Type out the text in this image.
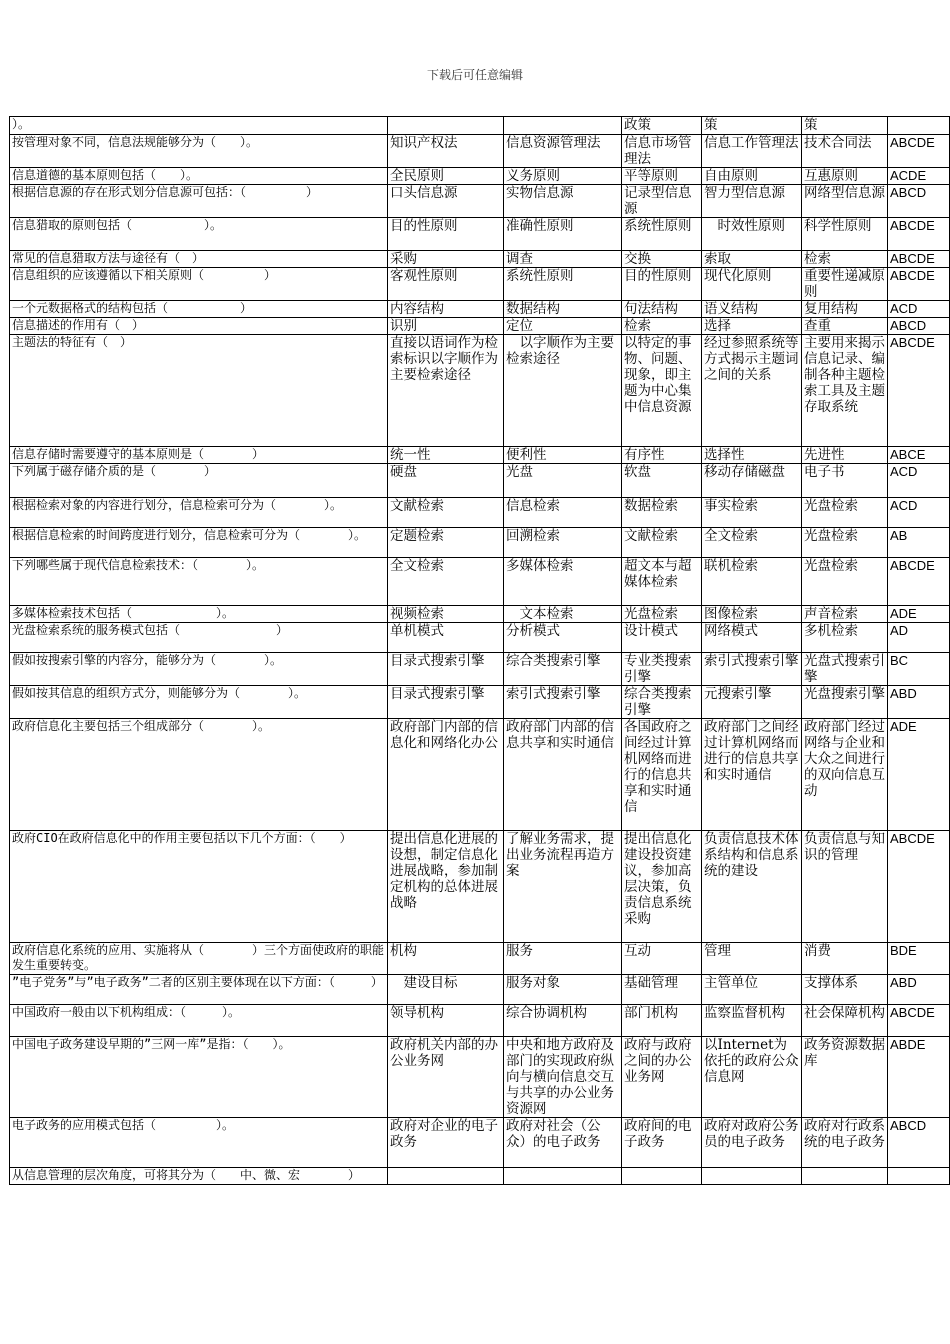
下载后可任意编辑
）。			政策	策	策	
按管理对象不同，信息法规能够分为（　　）。	知识产权法	信息资源管理法	信息市场管理法	信息工作管理法	技术合同法	ABCDE
信息道德的基本原则包括（　　）。	全民原则	义务原则	平等原则	自由原则	互惠原则	ACDE
根据信息源的存在形式划分信息源可包括：（　　　　　）	口头信息源	实物信息源	记录型信息源	智力型信息源	网络型信息源	ABCD
信息猎取的原则包括（　　　　　　）。	目的性原则	准确性原则	系统性原则	　时效性原则	科学性原则	ABCDE
常见的信息猎取方法与途径有（　）	采购	调查	交换	索取	检索	ABCDE
信息组织的应该遵循以下相关原则（　　　　　）	客观性原则	系统性原则	目的性原则	现代化原则	重要性递减原则	ABCDE
一个元数据格式的结构包括（　　　　　　）	内容结构	数据结构	句法结构	语义结构	复用结构	ACD
信息描述的作用有（　）	识别	定位	检索	选择	查重	ABCD
主题法的特征有（　）	直接以语词作为检索标识以字顺作为主要检索途径	　以字顺作为主要检索途径	以特定的事物、问题、现象，即主题为中心集中信息资源	经过参照系统等方式揭示主题词之间的关系	主要用来揭示信息记录、编制各种主题检索工具及主题存取系统	ABCDE
信息存储时需要遵守的基本原则是（　　　　）	统一性	便利性	有序性	选择性	先进性	ABCE
下列属于磁存储介质的是（　　　　）	硬盘	光盘	软盘	移动存储磁盘	电子书	ACD
根据检索对象的内容进行划分，信息检索可分为（　　　　）。	文献检索	信息检索	数据检索	事实检索	光盘检索	ACD
根据信息检索的时间跨度进行划分，信息检索可分为（　　　　）。	定题检索	回溯检索	文献检索	全文检索	光盘检索	AB
下列哪些属于现代信息检索技术：（　　　　）。	全文检索	多媒体检索	超文本与超媒体检索	联机检索	光盘检索	ABCDE
多媒体检索技术包括（　　　　　　　）。	视频检索	　文本检索	光盘检索	图像检索	声音检索	ADE
光盘检索系统的服务模式包括（　　　　　　　　）	单机模式	分析模式	设计模式	网络模式	多机检索	AD
假如按搜索引擎的内容分，能够分为（　　　　）。	目录式搜索引擎	综合类搜索引擎	专业类搜索引擎	索引式搜索引擎	光盘式搜索引擎	BC
假如按其信息的组织方式分，则能够分为（　　　　）。	目录式搜索引擎	索引式搜索引擎	综合类搜索引擎	元搜索引擎	光盘搜索引擎	ABD
政府信息化主要包括三个组成部分（　　　　）。	政府部门内部的信息化和网络化办公	政府部门内部的信息共享和实时通信	各国政府之间经过计算机网络而进行的信息共享和实时通信	政府部门之间经过计算机网络而进行的信息共享和实时通信	政府部门经过网络与企业和大众之间进行的双向信息互动	ADE
政府CIO在政府信息化中的作用主要包括以下几个方面：（　　）	提出信息化进展的设想，制定信息化进展战略，参加制定机构的总体进展战略	了解业务需求，提出业务流程再造方案	提出信息化建设投资建议，参加高层决策，负责信息系统采购	负责信息技术体系结构和信息系统的建设	负责信息与知识的管理	ABCDE
政府信息化系统的应用、实施将从（　　　　）三个方面使政府的职能发生重要转变。	机构	服务	互动	管理	消费	BDE
”电子党务”与”电子政务”二者的区别主要体现在以下方面：（　　　）	　建设目标	服务对象	基础管理	主管单位	支撑体系	ABD
中国政府一般由以下机构组成：（　　　）。	领导机构	综合协调机构	部门机构	监察监督机构	社会保障机构	ABCDE
中国电子政务建设早期的”三网一库”是指：（　　）。	政府机关内部的办公业务网	中央和地方政府及部门的实现政府纵向与横向信息交互与共享的办公业务资源网	政府与政府之间的办公业务网	以Internet为依托的政府公众信息网	政务资源数据库	ABDE
电子政务的应用模式包括（　　　　　）。	政府对企业的电子政务	政府对社会（公众）的电子政务	政府间的电子政务	政府对政府公务员的电子政务	政府对行政系统的电子政务	ABCD
从信息管理的层次角度，可将其分为（　　中、微、宏　　　　）						
